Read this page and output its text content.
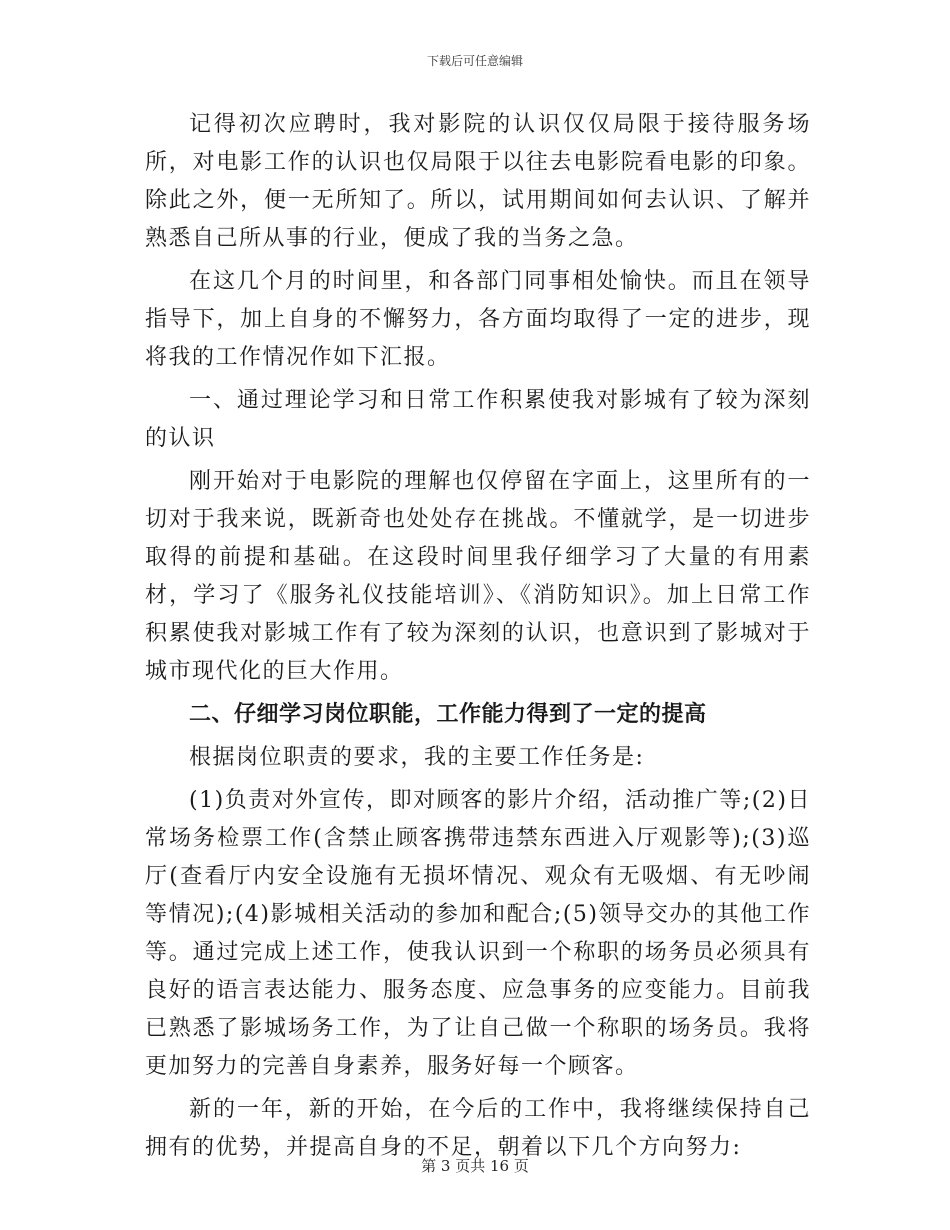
下载后可任意编辑

记得初次应聘时，我对影院的认识仅仅局限于接待服务场所，对电影工作的认识也仅局限于以往去电影院看电影的印象。除此之外，便一无所知了。所以，试用期间如何去认识、了解并熟悉自己所从事的行业，便成了我的当务之急。

在这几个月的时间里，和各部门同事相处愉快。而且在领导指导下，加上自身的不懈努力，各方面均取得了一定的进步，现将我的工作情况作如下汇报。

一、通过理论学习和日常工作积累使我对影城有了较为深刻的认识

刚开始对于电影院的理解也仅停留在字面上，这里所有的一切对于我来说，既新奇也处处存在挑战。不懂就学，是一切进步取得的前提和基础。在这段时间里我仔细学习了大量的有用素材，学习了《服务礼仪技能培训》、《消防知识》。加上日常工作积累使我对影城工作有了较为深刻的认识，也意识到了影城对于城市现代化的巨大作用。

二、仔细学习岗位职能，工作能力得到了一定的提高

根据岗位职责的要求，我的主要工作任务是:

(1)负责对外宣传，即对顾客的影片介绍，活动推广等;(2)日常场务检票工作(含禁止顾客携带违禁东西进入厅观影等);(3)巡厅(查看厅内安全设施有无损坏情况、观众有无吸烟、有无吵闹等情况);(4)影城相关活动的参加和配合;(5)领导交办的其他工作等。通过完成上述工作，使我认识到一个称职的场务员必须具有良好的语言表达能力、服务态度、应急事务的应变能力。目前我已熟悉了影城场务工作，为了让自己做一个称职的场务员。我将更加努力的完善自身素养，服务好每一个顾客。

新的一年，新的开始，在今后的工作中，我将继续保持自己拥有的优势，并提高自身的不足，朝着以下几个方向努力:

第 3 页共 16 页
